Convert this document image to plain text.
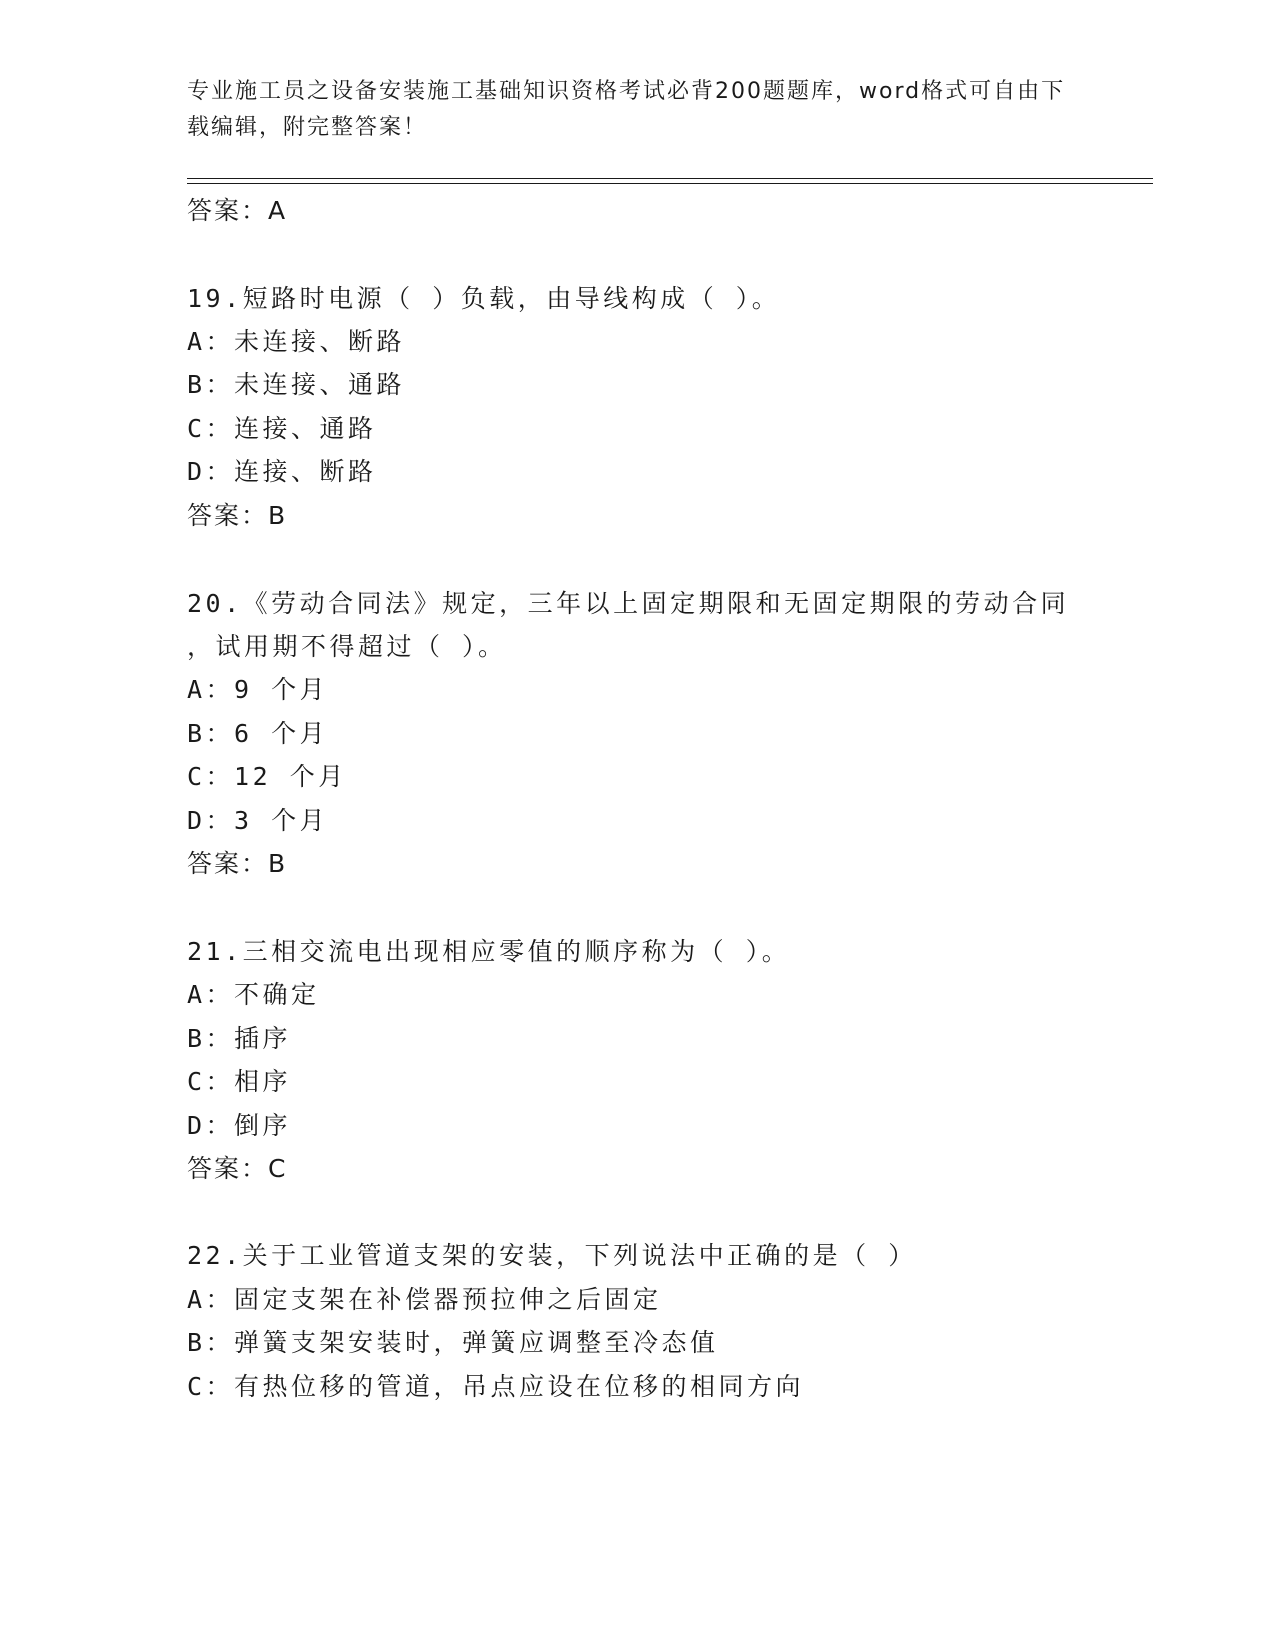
专业施工员之设备安装施工基础知识资格考试必背200题题库，word格式可自由下载编辑，附完整答案！
答案：A
19.短路时电源（ ）负载，由导线构成（ ）。
A：未连接、断路
B：未连接、通路
C：连接、通路
D：连接、断路
答案：B
20.《劳动合同法》规定，三年以上固定期限和无固定期限的劳动合同
，试用期不得超过（ ）。
A：9 个月
B：6 个月
C：12 个月
D：3 个月
答案：B
21.三相交流电出现相应零值的顺序称为（ ）。
A：不确定
B：插序
C：相序
D：倒序
答案：C
22.关于工业管道支架的安装，下列说法中正确的是（ ）
A：固定支架在补偿器预拉伸之后固定
B：弹簧支架安装时，弹簧应调整至冷态值
C：有热位移的管道，吊点应设在位移的相同方向
